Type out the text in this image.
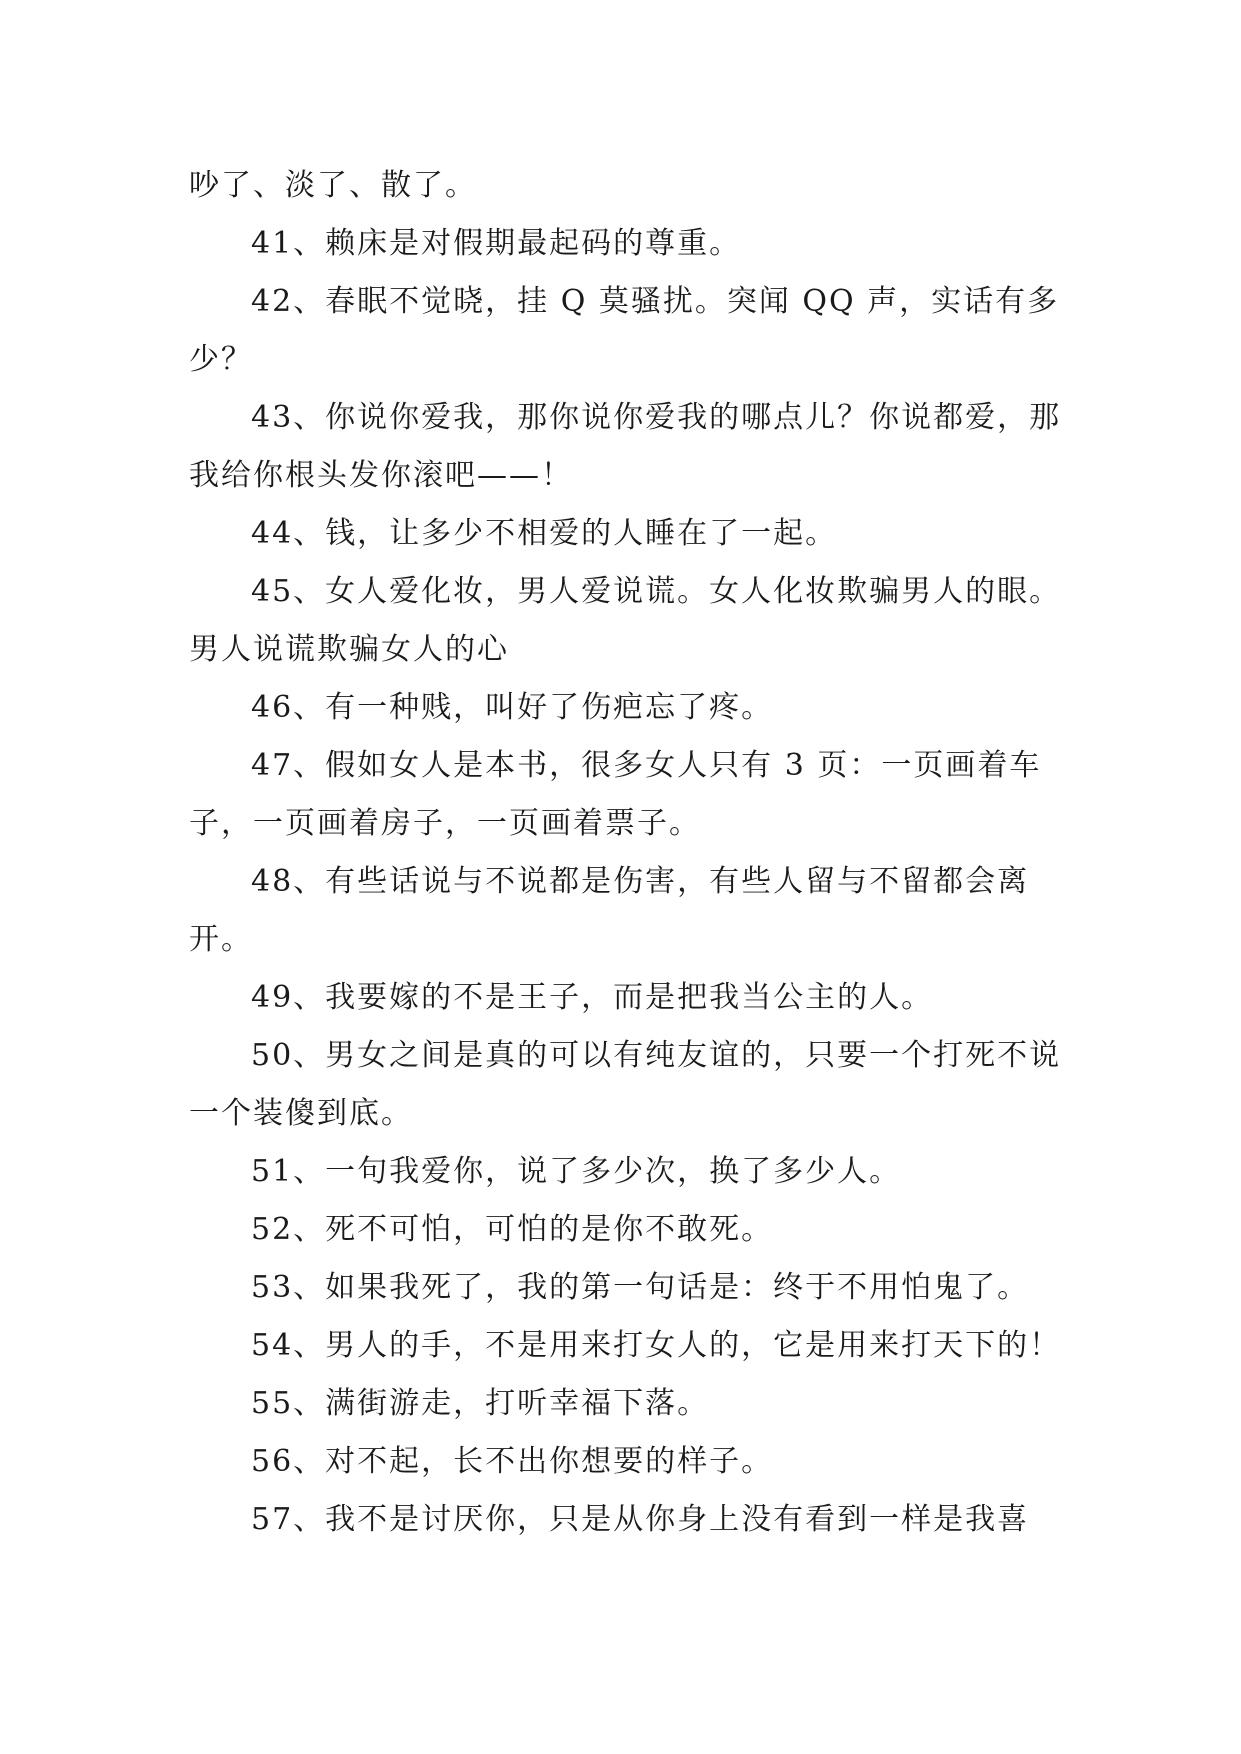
吵了、淡了、散了。

41、赖床是对假期最起码的尊重。

42、春眠不觉晓，挂 Q 莫骚扰。突闻 QQ 声，实话有多少？

43、你说你爱我，那你说你爱我的哪点儿？你说都爱，那我给你根头发你滚吧——！

44、钱，让多少不相爱的人睡在了一起。

45、女人爱化妆，男人爱说谎。女人化妆欺骗男人的眼。男人说谎欺骗女人的心

46、有一种贱，叫好了伤疤忘了疼。

47、假如女人是本书，很多女人只有 3 页：一页画着车子，一页画着房子，一页画着票子。

48、有些话说与不说都是伤害，有些人留与不留都会离开。

49、我要嫁的不是王子，而是把我当公主的人。

50、男女之间是真的可以有纯友谊的，只要一个打死不说一个装傻到底。

51、一句我爱你，说了多少次，换了多少人。

52、死不可怕，可怕的是你不敢死。

53、如果我死了，我的第一句话是：终于不用怕鬼了。

54、男人的手，不是用来打女人的，它是用来打天下的！

55、满街游走，打听幸福下落。

56、对不起，长不出你想要的样子。

57、我不是讨厌你，只是从你身上没有看到一样是我喜
